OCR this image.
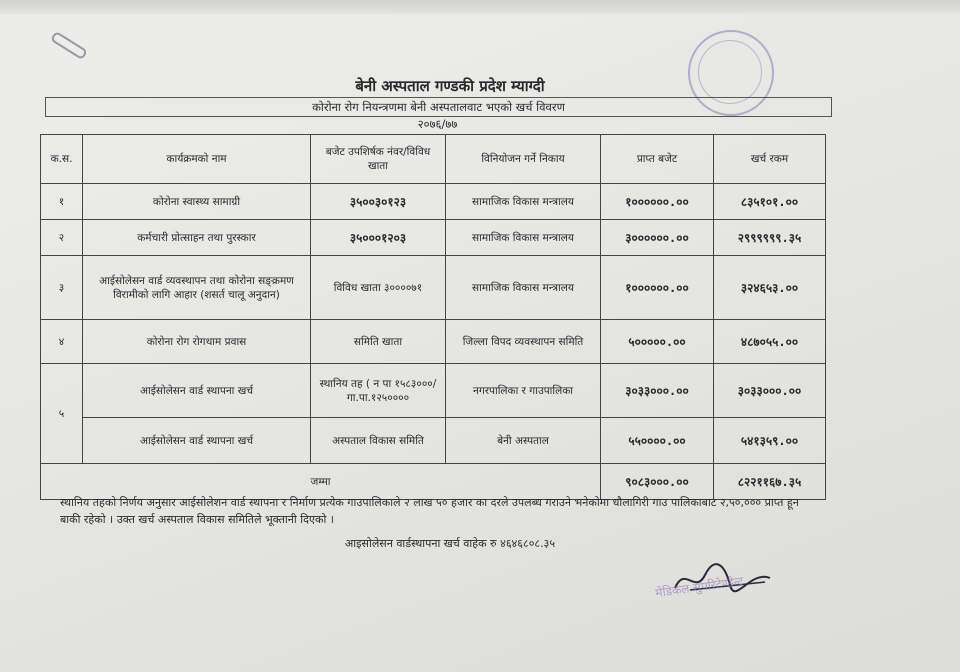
बेनी अस्पताल गण्डकी प्रदेश म्याग्दी
कोरोना रोग नियन्त्रणमा बेनी अस्पतालवाट भएको खर्च विवरण
२०७६/७७
क.स.	कार्यक्रमको नाम	बजेट उपशिर्षक नंवर/विविध खाता	विनियोजन गर्ने निकाय	प्राप्त बजेट	खर्च रकम
१	कोरोना स्वास्थ्य सामाग्री	३५००३०१२३	सामाजिक विकास मन्त्रालय	१००००००.००	८३५१०१.००
२	कर्मचारी प्रोत्साहन तथा पुरस्कार	३५०००१२०३	सामाजिक विकास मन्त्रालय	३००००००.००	२९९९९९९.३५
३	आईसोलेसन वार्ड व्यवस्थापन तथा कोरोना सङ्क्रमण विरामीको लागि आहार (शसर्त चालू अनुदान)	विविध खाता ३००००७१	सामाजिक विकास मन्त्रालय	१००००००.००	३२४६५३.००
४	कोरोना रोग रोगथाम प्रवास	समिति खाता	जिल्ला विपद व्यवस्थापन समिति	५०००००.००	४८७०५५.००
५	आईसोलेसन वार्ड स्थापना खर्च	स्थानिय तह ( न पा १५८३०००/ गा.पा.१२५००००	नगरपालिका र गाउपालिका	३०३३०००.००	३०३३०००.००
	आईसोलेसन वार्ड स्थापना खर्च	अस्पताल विकास समिति	बेनी अस्पताल	५५००००.००	५४१३५९.००
जम्मा				९०८३०००.००	८२२११६७.३५
स्थानिय तहको निर्णय अनुसार आईसोलेशन वार्ड स्थापना र निर्माण प्रत्येक गाउपालिकाले २ लाख ५० हजार का दरले उपलब्ध गराउने भनेकोमा धौलागिरी गाउ पालिकाबाट २,५०,००० प्राप्त हून बाकी रहेको । उक्त खर्च अस्पताल विकास समितिले भूक्तानी दिएको ।
आइसोलेसन वार्डस्थापना खर्च वाहेक रु ४६४६८०८.३५
मेडिकल सुपरिटेण्डेन्ट
